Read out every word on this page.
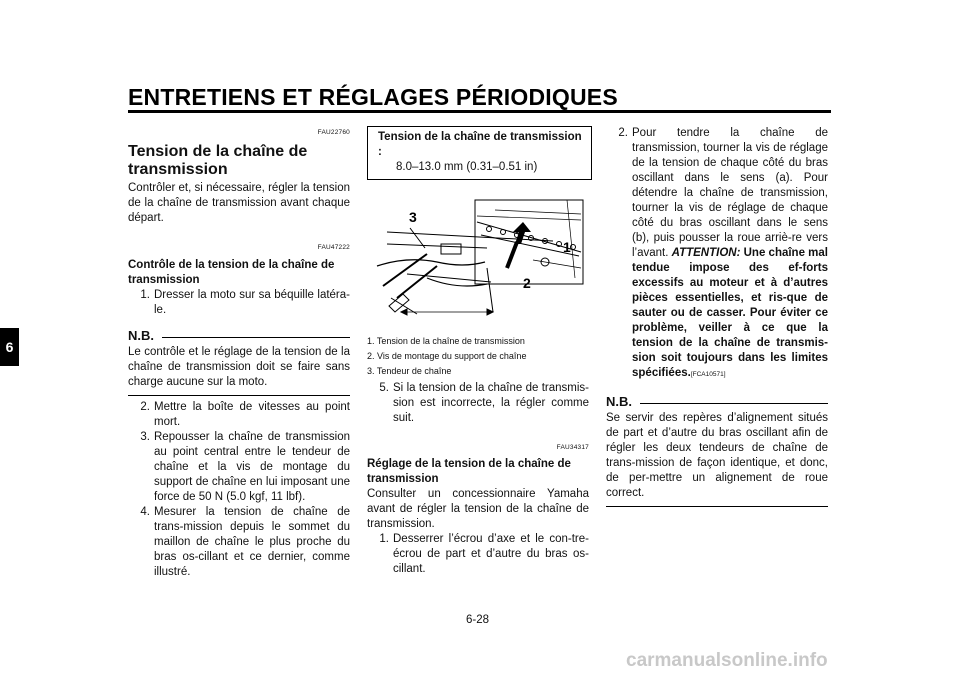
ENTRETIENS ET RÉGLAGES PÉRIODIQUES
6
FAU22760
Tension de la chaîne de transmission
Contrôler et, si nécessaire, régler la tension de la chaîne de transmission avant chaque départ.
FAU47222
Contrôle de la tension de la chaîne de transmission
1. Dresser la moto sur sa béquille latéra-le.
N.B.
Le contrôle et le réglage de la tension de la chaîne de transmission doit se faire sans charge aucune sur la moto.
2. Mettre la boîte de vitesses au point mort.
3. Repousser la chaîne de transmission au point central entre le tendeur de chaîne et la vis de montage du support de chaîne en lui imposant une force de 50 N (5.0 kgf, 11 lbf).
4. Mesurer la tension de chaîne de trans-mission depuis le sommet du maillon de chaîne le plus proche du bras os-cillant et ce dernier, comme illustré.
Tension de la chaîne de transmission :
8.0–13.0 mm (0.31–0.51 in)
3
1
2
1. Tension de la chaîne de transmission
2. Vis de montage du support de chaîne
3. Tendeur de chaîne
5. Si la tension de la chaîne de transmis-sion est incorrecte, la régler comme suit.
FAU34317
Réglage de la tension de la chaîne de transmission
Consulter un concessionnaire Yamaha avant de régler la tension de la chaîne de transmission.
1. Desserrer l’écrou d’axe et le con-tre-écrou de part et d’autre du bras os-cillant.
2. Pour tendre la chaîne de transmission, tourner la vis de réglage de la tension de chaque côté du bras oscillant dans le sens (a). Pour détendre la chaîne de transmission, tourner la vis de réglage de chaque côté du bras oscillant dans le sens (b), puis pousser la roue arriè-re vers l’avant. ATTENTION: Une chaîne mal tendue impose des ef-forts excessifs au moteur et à d’autres pièces essentielles, et ris-que de sauter ou de casser. Pour éviter ce problème, veiller à ce que la tension de la chaîne de transmis-sion soit toujours dans les limites spécifiées.[FCA10571]
N.B.
Se servir des repères d’alignement situés de part et d’autre du bras oscillant afin de régler les deux tendeurs de chaîne de trans-mission de façon identique, et donc, de per-mettre un alignement de roue correct.
6-28
carmanualsonline.info
